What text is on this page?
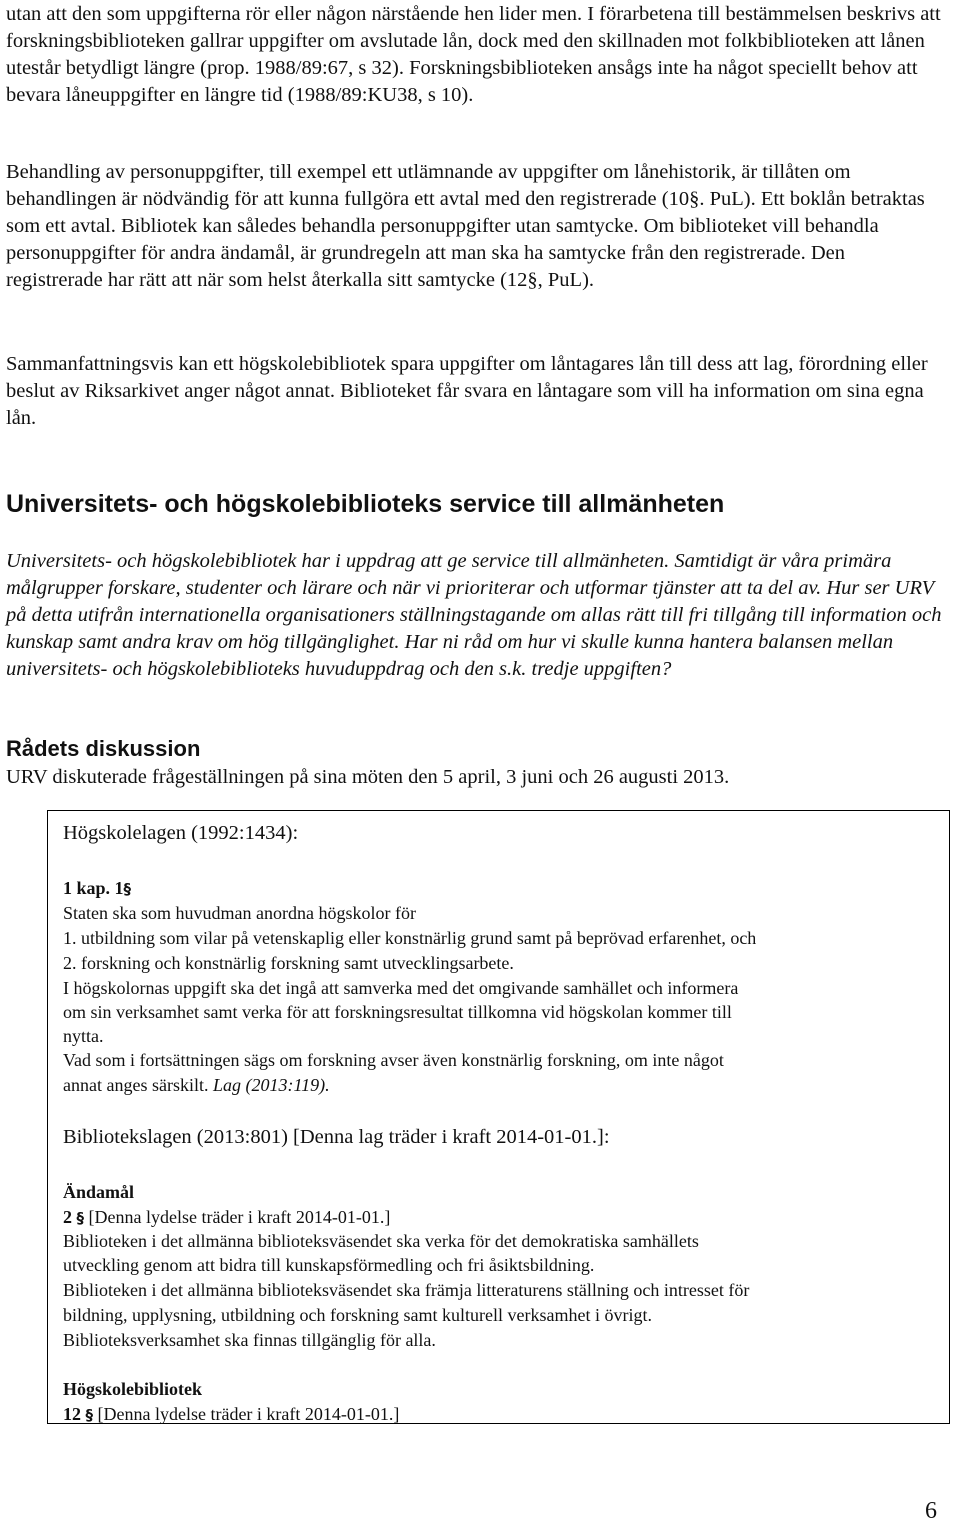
utan att den som uppgifterna rör eller någon närstående hen lider men. I förarbetena till bestämmelsen beskrivs att forskningsbiblioteken gallrar uppgifter om avslutade lån, dock med den skillnaden mot folkbiblioteken att lånen utestår betydligt längre (prop. 1988/89:67, s 32). Forskningsbiblioteken ansågs inte ha något speciellt behov att bevara låneuppgifter en längre tid (1988/89:KU38, s 10).

Behandling av personuppgifter, till exempel ett utlämnande av uppgifter om lånehistorik, är tillåten om behandlingen är nödvändig för att kunna fullgöra ett avtal med den registrerade (10§. PuL). Ett boklån betraktas som ett avtal. Bibliotek kan således behandla personuppgifter utan samtycke. Om biblioteket vill behandla personuppgifter för andra ändamål, är grundregeln att man ska ha samtycke från den registrerade. Den registrerade har rätt att när som helst återkalla sitt samtycke (12§, PuL).

Sammanfattningsvis kan ett högskolebibliotek spara uppgifter om låntagares lån till dess att lag, förordning eller beslut av Riksarkivet anger något annat. Biblioteket får svara en låntagare som vill ha information om sina egna lån.

Universitets- och högskolebiblioteks service till allmänheten

Universitets- och högskolebibliotek har i uppdrag att ge service till allmänheten. Samtidigt är våra primära målgrupper forskare, studenter och lärare och när vi prioriterar och utformar tjänster att ta del av. Hur ser URV på detta utifrån internationella organisationers ställningstagande om allas rätt till fri tillgång till information och kunskap samt andra krav om hög tillgänglighet. Har ni råd om hur vi skulle kunna hantera balansen mellan universitets- och högskolebiblioteks huvuduppdrag och den s.k. tredje uppgiften?

Rådets diskussion

URV diskuterade frågeställningen på sina möten den 5 april, 3 juni och 26 augusti 2013.

Högskolelagen (1992:1434):

1 kap. 1§

Staten ska som huvudman anordna högskolor för

1. utbildning som vilar på vetenskaplig eller konstnärlig grund samt på beprövad erfarenhet, och

2. forskning och konstnärlig forskning samt utvecklingsarbete.

I högskolornas uppgift ska det ingå att samverka med det omgivande samhället och informera

om sin verksamhet samt verka för att forskningsresultat tillkomna vid högskolan kommer till

nytta.

Vad som i fortsättningen sägs om forskning avser även konstnärlig forskning, om inte något

annat anges särskilt. Lag (2013:119).

Bibliotekslagen (2013:801) [Denna lag träder i kraft 2014-01-01.]:

Ändamål

2 § [Denna lydelse träder i kraft 2014-01-01.]

Biblioteken i det allmänna biblioteksväsendet ska verka för det demokratiska samhällets

utveckling genom att bidra till kunskapsförmedling och fri åsiktsbildning.

Biblioteken i det allmänna biblioteksväsendet ska främja litteraturens ställning och intresset för

bildning, upplysning, utbildning och forskning samt kulturell verksamhet i övrigt.

Biblioteksverksamhet ska finnas tillgänglig för alla.

Högskolebibliotek

12 § [Denna lydelse träder i kraft 2014-01-01.]

6
